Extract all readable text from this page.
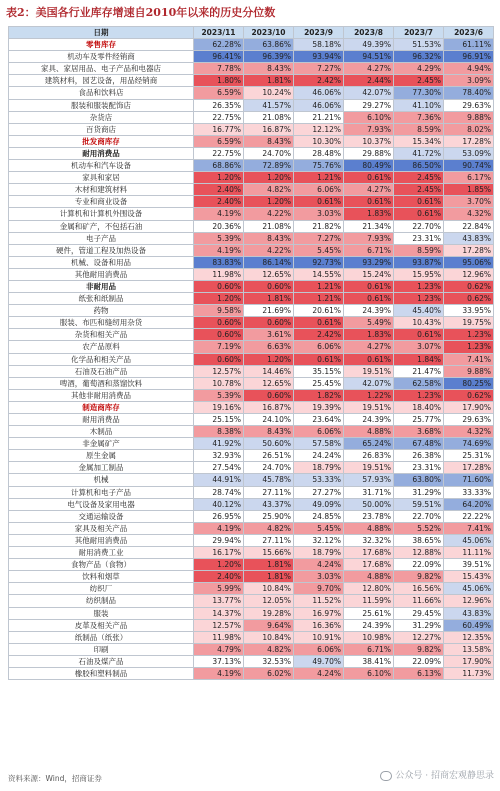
表2：美国各行业库存增速自2010年以来的历史分位数
日期	2023/11	2023/10	2023/9	2023/8	2023/7	2023/6
零售库存	62.28%	63.86%	58.18%	49.39%	51.53%	61.11%
机动车及零件经销商	96.41%	96.39%	93.94%	94.51%	96.32%	96.91%
家具、家居用品、电子产品和电器店	7.78%	8.43%	7.27%	4.27%	4.29%	4.94%
建筑材料，园艺设备，用品经销商	1.80%	1.81%	2.42%	2.44%	2.45%	3.09%
食品和饮料店	6.59%	10.24%	46.06%	42.07%	77.30%	78.40%
服装和服装配饰店	26.35%	41.57%	46.06%	29.27%	41.10%	29.63%
杂货店	22.75%	21.08%	21.21%	6.10%	7.36%	9.88%
百货商店	16.77%	16.87%	12.12%	7.93%	8.59%	8.02%
批发商库存	6.59%	8.43%	10.30%	10.37%	15.34%	17.28%
耐用消费品	22.75%	24.70%	28.48%	29.88%	41.72%	53.09%
机动车和汽车设备	68.86%	72.89%	75.76%	80.49%	86.50%	90.74%
家具和家居	1.20%	1.20%	1.21%	0.61%	2.45%	6.17%
木材和建筑材料	2.40%	4.82%	6.06%	4.27%	2.45%	1.85%
专业和商业设备	2.40%	1.20%	0.61%	0.61%	0.61%	3.70%
计算机和计算机外围设备	4.19%	4.22%	3.03%	1.83%	0.61%	4.32%
金属和矿产，不包括石油	20.36%	21.08%	21.82%	21.34%	22.70%	22.84%
电子产品	5.39%	8.43%	7.27%	7.93%	23.31%	43.83%
硬件，管道工程及加热设备	4.19%	4.22%	5.45%	6.71%	8.59%	17.28%
机械、设备和用品	83.83%	86.14%	92.73%	93.29%	93.87%	95.06%
其他耐用消费品	11.98%	12.65%	14.55%	15.24%	15.95%	12.96%
非耐用品	0.60%	0.60%	1.21%	0.61%	1.23%	0.62%
纸张和纸制品	1.20%	1.81%	1.21%	0.61%	1.23%	0.62%
药物	9.58%	21.69%	20.61%	24.39%	45.40%	33.95%
服装、布匹和缝纫用杂货	0.60%	0.60%	0.61%	5.49%	10.43%	19.75%
杂货和相关产品	0.60%	3.61%	2.42%	1.83%	0.61%	1.23%
农产品原料	7.19%	6.63%	6.06%	4.27%	3.07%	1.23%
化学品和相关产品	0.60%	1.20%	0.61%	0.61%	1.84%	7.41%
石油及石油产品	12.57%	14.46%	35.15%	19.51%	21.47%	9.88%
啤酒，葡萄酒和蒸馏饮料	10.78%	12.65%	25.45%	42.07%	62.58%	80.25%
其他非耐用消费品	5.39%	0.60%	1.82%	1.22%	1.23%	0.62%
制造商库存	19.16%	16.87%	19.39%	19.51%	18.40%	17.90%
耐用消费品	25.15%	24.10%	23.64%	24.39%	25.77%	29.63%
木制品	8.38%	8.43%	6.06%	4.88%	3.68%	4.32%
非金属矿产	41.92%	50.60%	57.58%	65.24%	67.48%	74.69%
原生金属	32.93%	26.51%	24.24%	26.83%	26.38%	25.31%
金属加工制品	27.54%	24.70%	18.79%	19.51%	23.31%	17.28%
机械	44.91%	45.78%	53.33%	57.93%	63.80%	71.60%
计算机和电子产品	28.74%	27.11%	27.27%	31.71%	31.29%	33.33%
电气设备及家用电器	40.12%	43.37%	49.09%	50.00%	59.51%	64.20%
交通运输设备	26.95%	25.90%	24.85%	23.78%	22.70%	22.22%
家具及相关产品	4.19%	4.82%	5.45%	4.88%	5.52%	7.41%
其他耐用消费品	29.94%	27.11%	32.12%	32.32%	38.65%	45.06%
耐用消费工业	16.17%	15.66%	18.79%	17.68%	12.88%	11.11%
食物产品（食物）	1.20%	1.81%	4.24%	17.68%	22.09%	39.51%
饮料和烟草	2.40%	1.81%	3.03%	4.88%	9.82%	15.43%
纺织厂	5.99%	10.84%	9.70%	12.80%	16.56%	45.06%
纺织制品	13.77%	12.05%	11.52%	11.59%	11.66%	12.96%
服装	14.37%	19.28%	16.97%	25.61%	29.45%	43.83%
皮革及相关产品	12.57%	9.64%	16.36%	24.39%	31.29%	60.49%
纸制品（纸张）	11.98%	10.84%	10.91%	10.98%	12.27%	12.35%
印刷	4.79%	4.82%	6.06%	6.71%	9.82%	13.58%
石油及煤产品	37.13%	32.53%	49.70%	38.41%	22.09%	17.90%
橡胶和塑料制品	4.19%	6.02%	4.24%	6.10%	6.13%	11.73%
资料来源：Wind，招商证券	公众号 · 招商宏观静思录
